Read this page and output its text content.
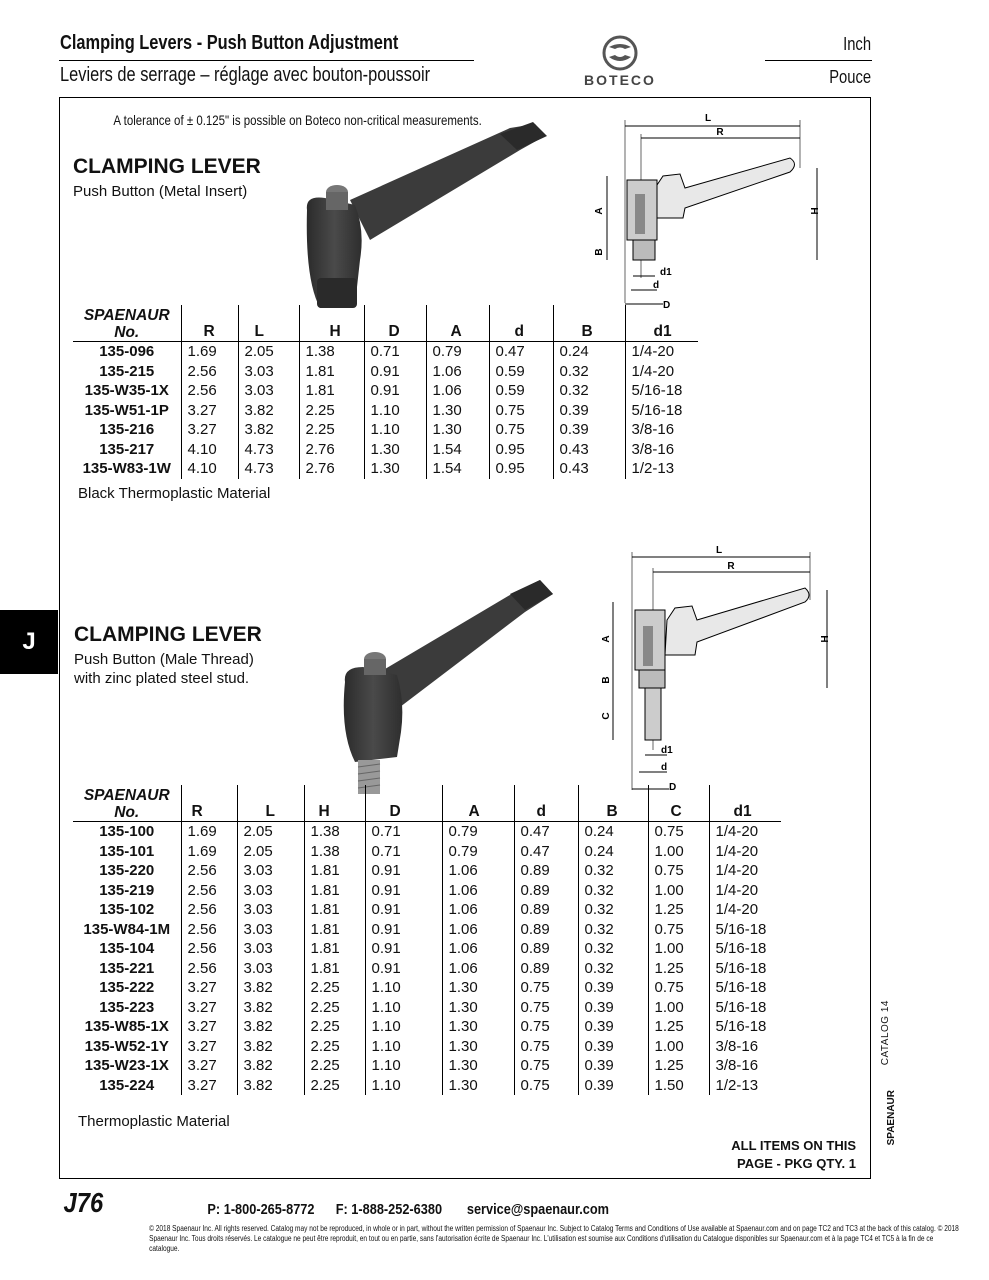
Clamping Levers - Push Button Adjustment
Leviers de serrage – réglage avec bouton-poussoir	BOTECO
Inch
Pouce
A tolerance of ± 0.125" is possible on Boteco non-critical measurements.
CLAMPING LEVER
Push Button (Metal Insert)
L
R
A	H
B
d1
d
D
SPAENAUR
No.	R	L	H	D	A	d	B	d1
135-096	1.69	2.05	1.38	0.71	0.79	0.47	0.24	1/4-20
135-215	2.56	3.03	1.81	0.91	1.06	0.59	0.32	1/4-20
135-W35-1X	2.56	3.03	1.81	0.91	1.06	0.59	0.32	5/16-18
135-W51-1P	3.27	3.82	2.25	1.10	1.30	0.75	0.39	5/16-18
135-216	3.27	3.82	2.25	1.10	1.30	0.75	0.39	3/8-16
135-217	4.10	4.73	2.76	1.30	1.54	0.95	0.43	3/8-16
135-W83-1W	4.10	4.73	2.76	1.30	1.54	0.95	0.43	1/2-13
Black Thermoplastic Material
J	CLAMPING LEVER
Push Button (Male Thread)
with zinc plated steel stud.
L
R
A	H
B
C
d1
d
D
SPAENAUR
No.	R	L	H	D	A	d	B	C	d1
135-100	1.69	2.05	1.38	0.71	0.79	0.47	0.24	0.75	1/4-20
135-101	1.69	2.05	1.38	0.71	0.79	0.47	0.24	1.00	1/4-20
135-220	2.56	3.03	1.81	0.91	1.06	0.89	0.32	0.75	1/4-20
135-219	2.56	3.03	1.81	0.91	1.06	0.89	0.32	1.00	1/4-20
135-102	2.56	3.03	1.81	0.91	1.06	0.89	0.32	1.25	1/4-20
135-W84-1M	2.56	3.03	1.81	0.91	1.06	0.89	0.32	0.75	5/16-18
135-104	2.56	3.03	1.81	0.91	1.06	0.89	0.32	1.00	5/16-18
135-221	2.56	3.03	1.81	0.91	1.06	0.89	0.32	1.25	5/16-18
135-222	3.27	3.82	2.25	1.10	1.30	0.75	0.39	0.75	5/16-18
135-223	3.27	3.82	2.25	1.10	1.30	0.75	0.39	1.00	5/16-18
135-W85-1X	3.27	3.82	2.25	1.10	1.30	0.75	0.39	1.25	5/16-18
135-W52-1Y	3.27	3.82	2.25	1.10	1.30	0.75	0.39	1.00	3/8-16
135-W23-1X	3.27	3.82	2.25	1.10	1.30	0.75	0.39	1.25	3/8-16
135-224	3.27	3.82	2.25	1.10	1.30	0.75	0.39	1.50	1/2-13
Thermoplastic Material
ALL ITEMS ON THIS
PAGE - PKG QTY. 1
CATALOG 14
SPAENAUR
J76	P: 1-800-265-8772 F: 1-888-252-6380 service@spaenaur.com
© 2018 Spaenaur Inc. All rights reserved. Catalog may not be reproduced, in whole or in part, without the written permission of Spaenaur Inc. Subject to Catalog Terms and Conditions of Use available at Spaenaur.com and on page TC2 and TC3 at the back of this catalog. © 2018 Spaenaur Inc. Tous droits réservés. Le catalogue ne peut être reproduit, en tout ou en partie, sans l'autorisation écrite de Spaenaur Inc. L'utilisation est soumise aux Conditions d'utilisation du Catalogue disponibles sur Spaenaur.com et à la page TC4 et TC5 à la fin de ce catalogue.
